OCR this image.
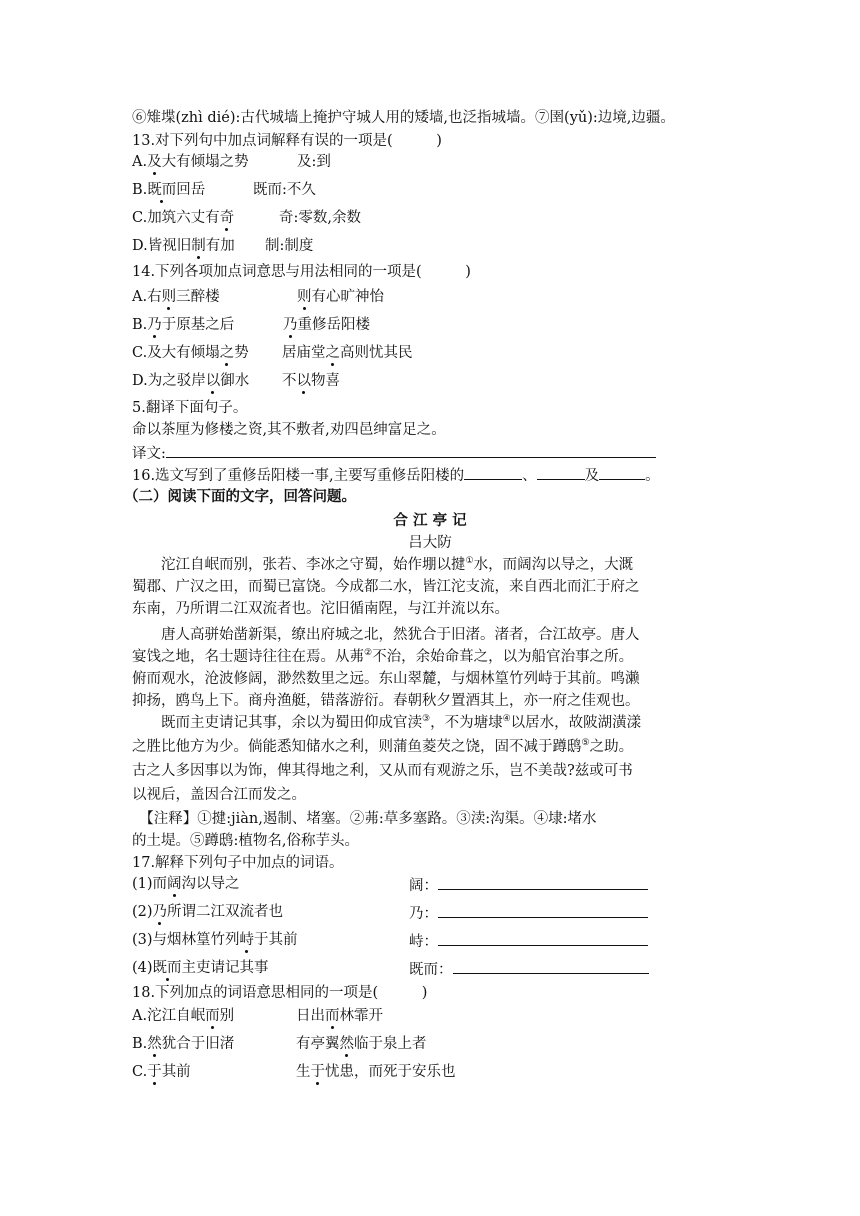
⑥雉堞(zhì dié):古代城墙上掩护守城人用的矮墙,也泛指城墙。⑦圉(yǔ):边境,边疆。
13.对下列句中加点词解释有误的一项是(　　　)
A.及大有倾塌之势	及:到
B.既而回岳	既而:不久
C.加筑六丈有奇	奇:零数,余数
D.皆视旧制有加 制:制度
14.下列各项加点词意思与用法相同的一项是(　　　)
A.右则三醉楼	则有心旷神怡
B.乃于原基之后	乃重修岳阳楼
C.及大有倾塌之势 居庙堂之高则忧其民
D.为之驳岸以御水 不以物喜
5.翻译下面句子。
命以茶厘为修楼之资,其不敷者,劝四邑绅富足之。
译文:
16.选文写到了重修岳阳楼一事,主要写重修岳阳楼的	、	及	。
（二）阅读下面的文字，回答问题。
合 江 亭 记
吕大防
　　沱江自岷而别，张若、李冰之守蜀，始作堋以揵①水，而阔沟以导之，大溉
蜀郡、广汉之田，而蜀已富饶。今成都二水，皆江沱支流，来自西北而汇于府之
东南，乃所谓二江双流者也。沱旧循南陧，与江并流以东。
　　唐人高骈始凿新渠，缭出府城之北，然犹合于旧渚。渚者，合江故亭。唐人
宴饯之地，名士题诗往往在焉。从茀②不治，余始命葺之，以为船官治事之所。
俯而观水，沧波修阔，渺然数里之远。东山翠麓，与烟林篁竹列峙于其前。鸣濑
抑扬，鸥鸟上下。商舟渔艇，错落游衍。春朝秋夕置酒其上，亦一府之佳观也。
　　既而主吏请记其事，余以为蜀田仰成官渎③，不为塘埭④以居水，故陂湖潢漾
之胜比他方为少。倘能悉知储水之利，则蒲鱼菱芡之饶，固不减于蹲鸱⑤之助。
古之人多因事以为饰，俾其得地之利，又从而有观游之乐，岂不美哉?兹或可书
以视后，盖因合江而发之。
　【注释】①揵:jiàn,遏制、堵塞。②茀:草多塞路。③渎:沟渠。④埭:堵水
的土堤。⑤蹲鸱:植物名,俗称芋头。
17.解释下列句子中加点的词语。
(1)而阔沟以导之	阔：
(2)乃所谓二江双流者也	乃：
(3)与烟林篁竹列峙于其前	峙：
(4)既而主吏请记其事	既而：
18.下列加点的词语意思相同的一项是(　　　)
A.沱江自岷而别	日出而林霏开
B.然犹合于旧渚	有亭翼然临于泉上者
C.于其前	生于忧患，而死于安乐也
